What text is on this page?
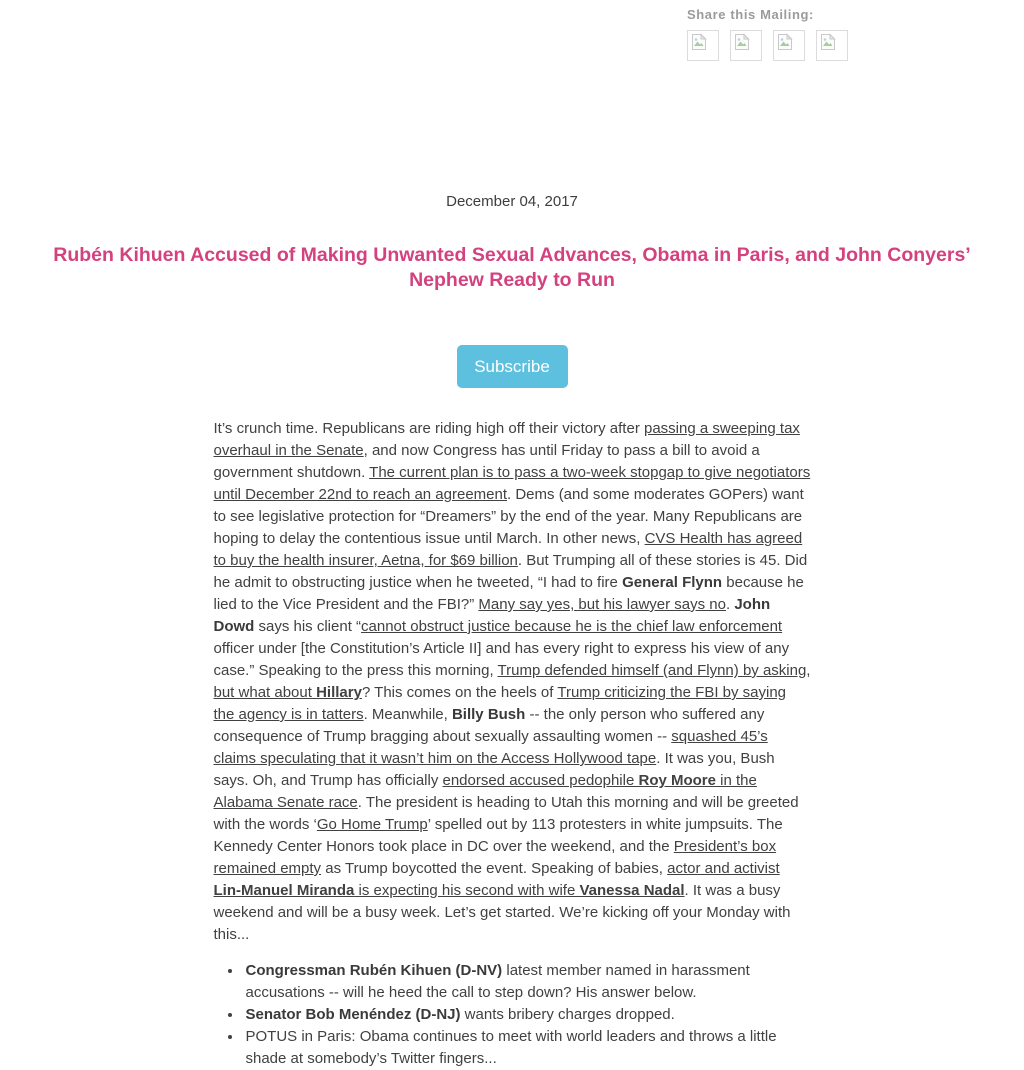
Share this Mailing:
December 04, 2017
Rubén Kihuen Accused of Making Unwanted Sexual Advances, Obama in Paris, and John Conyers’ Nephew Ready to Run
Subscribe

It’s crunch time. Republicans are riding high off their victory after passing a sweeping tax overhaul in the Senate, and now Congress has until Friday to pass a bill to avoid a government shutdown. The current plan is to pass a two-week stopgap to give negotiators until December 22nd to reach an agreement. Dems (and some moderates GOPers) want to see legislative protection for “Dreamers” by the end of the year. Many Republicans are hoping to delay the contentious issue until March. In other news, CVS Health has agreed to buy the health insurer, Aetna, for $69 billion. But Trumping all of these stories is 45. Did he admit to obstructing justice when he tweeted, “I had to fire General Flynn because he lied to the Vice President and the FBI?” Many say yes, but his lawyer says no. John Dowd says his client “cannot obstruct justice because he is the chief law enforcement officer under [the Constitution’s Article II] and has every right to express his view of any case.” Speaking to the press this morning, Trump defended himself (and Flynn) by asking, but what about Hillary? This comes on the heels of Trump criticizing the FBI by saying the agency is in tatters. Meanwhile, Billy Bush -- the only person who suffered any consequence of Trump bragging about sexually assaulting women -- squashed 45’s claims speculating that it wasn’t him on the Access Hollywood tape. It was you, Bush says. Oh, and Trump has officially endorsed accused pedophile Roy Moore in the Alabama Senate race. The president is heading to Utah this morning and will be greeted with the words ‘Go Home Trump’ spelled out by 113 protesters in white jumpsuits. The Kennedy Center Honors took place in DC over the weekend, and the President’s box remained empty as Trump boycotted the event. Speaking of babies, actor and activist Lin-Manuel Miranda is expecting his second with wife Vanessa Nadal. It was a busy weekend and will be a busy week. Let’s get started. We’re kicking off your Monday with this...

• Congressman Rubén Kihuen (D-NV) latest member named in harassment accusations -- will he heed the call to step down? His answer below.
• Senator Bob Menéndez (D-NJ) wants bribery charges dropped.
• POTUS in Paris: Obama continues to meet with world leaders and throws a little shade at somebody’s Twitter fingers...
